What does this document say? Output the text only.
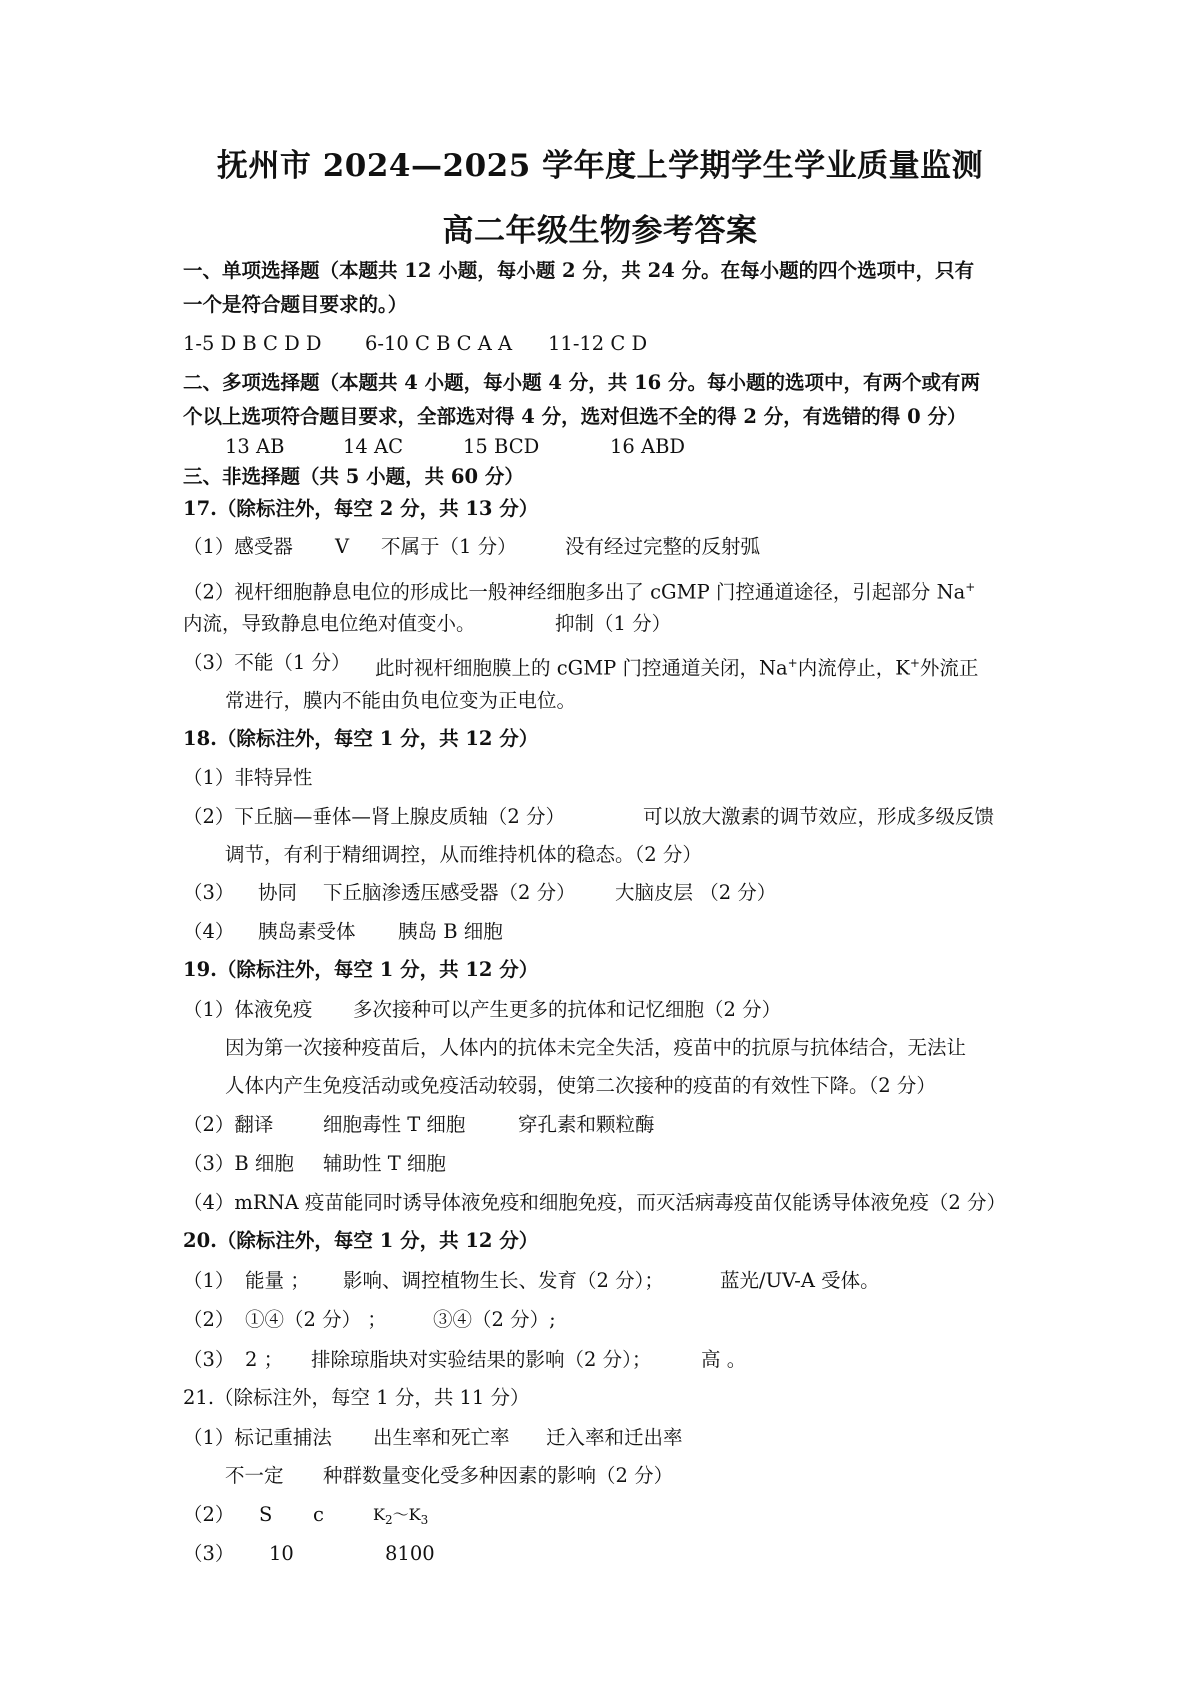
抚州市 2024—2025 学年度上学期学生学业质量监测
高二年级生物参考答案
一、单项选择题（本题共 12 小题，每小题 2 分，共 24 分。在每小题的四个选项中，只有
一个是符合题目要求的。）
1-5 D B C D D 6-10 C B C A A 11-12 C D
二、多项选择题（本题共 4 小题，每小题 4 分，共 16 分。每小题的选项中，有两个或有两
个以上选项符合题目要求，全部选对得 4 分，选对但选不全的得 2 分，有选错的得 0 分）
13 AB	14 AC	15 BCD	16 ABD
三、非选择题（共 5 小题，共 60 分）
17.（除标注外，每空 2 分，共 13 分）
（1）感受器 V 不属于（1 分） 没有经过完整的反射弧
（2）视杆细胞静息电位的形成比一般神经细胞多出了 cGMP 门控通道途径，引起部分 Na+
内流，导致静息电位绝对值变小。	抑制（1 分）
（3）不能（1 分） 此时视杆细胞膜上的 cGMP 门控通道关闭，Na+内流停止，K+外流正
常进行，膜内不能由负电位变为正电位。
18.（除标注外，每空 1 分，共 12 分）
（1）非特异性
（2）下丘脑—垂体—肾上腺皮质轴（2 分）	可以放大激素的调节效应，形成多级反馈
调节，有利于精细调控，从而维持机体的稳态。（2 分）
（3） 协同 下丘脑渗透压感受器（2 分） 大脑皮层 （2 分）
（4） 胰岛素受体 胰岛 B 细胞
19.（除标注外，每空 1 分，共 12 分）
（1）体液免疫 多次接种可以产生更多的抗体和记忆细胞（2 分）
因为第一次接种疫苗后，人体内的抗体未完全失活，疫苗中的抗原与抗体结合，无法让
人体内产生免疫活动或免疫活动较弱，使第二次接种的疫苗的有效性下降。（2 分）
（2）翻译	细胞毒性 T 细胞	穿孔素和颗粒酶
（3）B 细胞 辅助性 T 细胞
（4）mRNA 疫苗能同时诱导体液免疫和细胞免疫，而灭活病毒疫苗仅能诱导体液免疫（2 分）
20.（除标注外，每空 1 分，共 12 分）
（1） 能量 ； 影响、调控植物生长、发育（2 分）；	蓝光/UV-A 受体。
（2） ①④（2 分） ； ③④（2 分）;
（3） 2 ； 排除琼脂块对实验结果的影响（2 分）；	高 。
21.（除标注外，每空 1 分，共 11 分）
（1）标记重捕法 出生率和死亡率 迁入率和迁出率
不一定 种群数量变化受多种因素的影响（2 分）
（2） S c	$K_2\sim K_3$
（3） 10	8100
